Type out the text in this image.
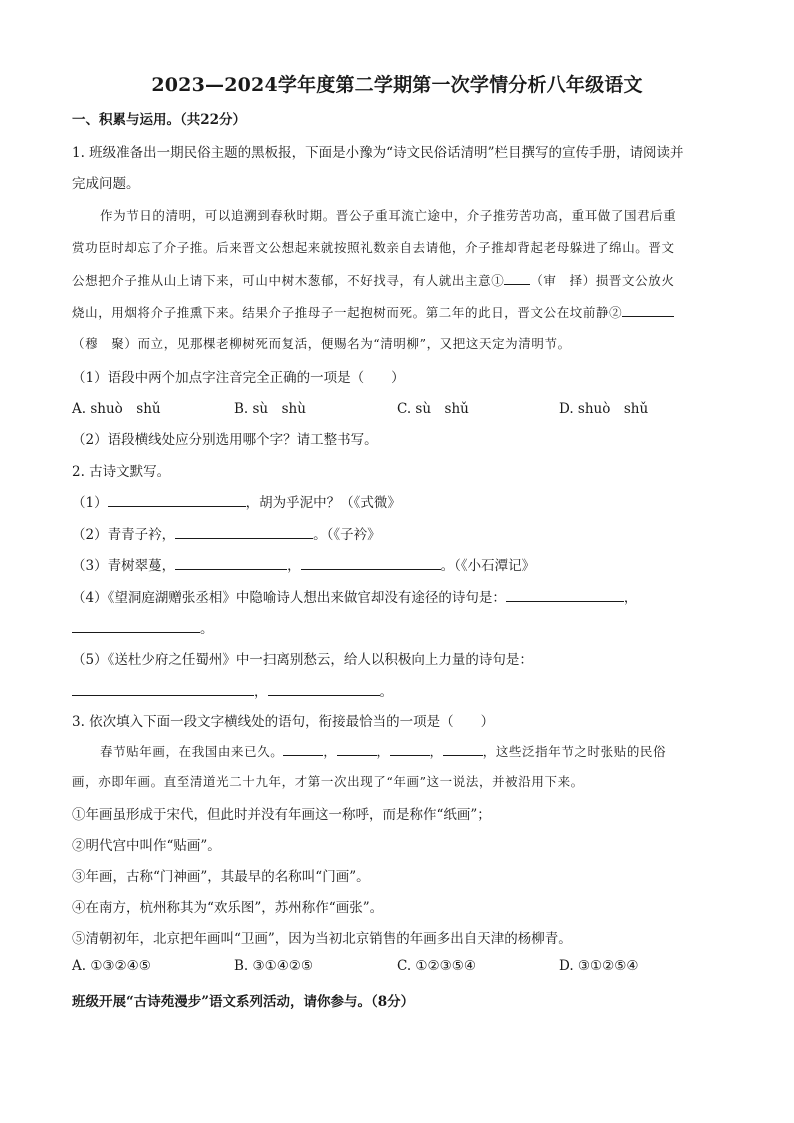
2023—2024学年度第二学期第一次学情分析八年级语文
一、积累与运用。（共22分）
1. 班级准备出一期民俗主题的黑板报，下面是小豫为“诗文民俗话清明”栏目撰写的宣传手册，请阅读并
完成问题。
作为节日的清明，可以追溯到春秋时期。晋公子重耳流亡途中，介子推劳苦功高，重耳做了国君后重
赏功臣时却忘了介子推。后来晋文公想起来就按照礼数亲自去请他，介子推却背起老母躲进了绵山。晋文
公想把介子推从山上请下来，可山中树木葱郁，不好找寻，有人就出主意① （审　择）损晋文公放火
烧山，用烟将介子推熏下来。结果介子推母子一起抱树而死。第二年的此日，晋文公在坟前静②
（穆　聚）而立，见那棵老柳树死而复活，便赐名为“清明柳”，又把这天定为清明节。
（1）语段中两个加点字注音完全正确的一项是（　　）
A. shuò　shǔ	B. sù　shù	C. sù　shǔ	D. shuò　shǔ
（2）语段横线处应分别选用哪个字？请工整书写。
2. 古诗文默写。
（1）	，胡为乎泥中？（《式微》
（2）青青子衿，	。（《子衿》
（3）青树翠蔓，	，	。（《小石潭记》
（4）《望洞庭湖赠张丞相》中隐喻诗人想出来做官却没有途径的诗句是：	，
。
（5）《送杜少府之任蜀州》中一扫离别愁云，给人以积极向上力量的诗句是：
，	。
3. 依次填入下面一段文字横线处的语句，衔接最恰当的一项是（　　）
春节贴年画，在我国由来已久。	，	，	，	，这些泛指年节之时张贴的民俗
画，亦即年画。直至清道光二十九年，才第一次出现了“年画”这一说法，并被沿用下来。
①年画虽形成于宋代，但此时并没有年画这一称呼，而是称作“纸画”；
②明代宫中叫作“贴画”。
③年画，古称“门神画”，其最早的名称叫“门画”。
④在南方，杭州称其为“欢乐图”，苏州称作“画张”。
⑤清朝初年，北京把年画叫“卫画”，因为当初北京销售的年画多出自天津的杨柳青。
A. ①③②④⑤	B. ③①④②⑤	C. ①②③⑤④	D. ③①②⑤④
班级开展“古诗苑漫步”语文系列活动，请你参与。（8分）
